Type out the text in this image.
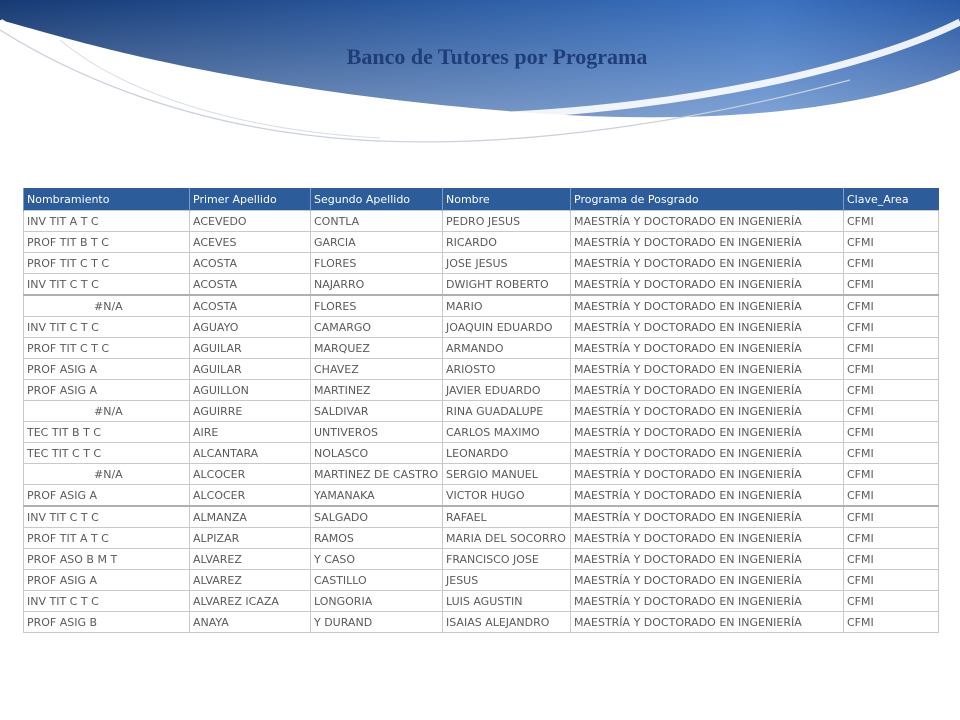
Banco de Tutores por Programa
Nombramiento	Primer Apellido	Segundo Apellido	Nombre	Programa de Posgrado	Clave_Area
INV TIT A T C	ACEVEDO	CONTLA	PEDRO JESUS	MAESTRÍA Y DOCTORADO EN INGENIERÍA	CFMI
PROF TIT B T C	ACEVES	GARCIA	RICARDO	MAESTRÍA Y DOCTORADO EN INGENIERÍA	CFMI
PROF TIT C T C	ACOSTA	FLORES	JOSE JESUS	MAESTRÍA Y DOCTORADO EN INGENIERÍA	CFMI
INV TIT C T C	ACOSTA	NAJARRO	DWIGHT ROBERTO	MAESTRÍA Y DOCTORADO EN INGENIERÍA	CFMI
#N/A	ACOSTA	FLORES	MARIO	MAESTRÍA Y DOCTORADO EN INGENIERÍA	CFMI
INV TIT C T C	AGUAYO	CAMARGO	JOAQUIN EDUARDO	MAESTRÍA Y DOCTORADO EN INGENIERÍA	CFMI
PROF TIT C T C	AGUILAR	MARQUEZ	ARMANDO	MAESTRÍA Y DOCTORADO EN INGENIERÍA	CFMI
PROF ASIG A	AGUILAR	CHAVEZ	ARIOSTO	MAESTRÍA Y DOCTORADO EN INGENIERÍA	CFMI
PROF ASIG A	AGUILLON	MARTINEZ	JAVIER EDUARDO	MAESTRÍA Y DOCTORADO EN INGENIERÍA	CFMI
#N/A	AGUIRRE	SALDIVAR	RINA GUADALUPE	MAESTRÍA Y DOCTORADO EN INGENIERÍA	CFMI
TEC TIT B T C	AIRE	UNTIVEROS	CARLOS MAXIMO	MAESTRÍA Y DOCTORADO EN INGENIERÍA	CFMI
TEC TIT C T C	ALCANTARA	NOLASCO	LEONARDO	MAESTRÍA Y DOCTORADO EN INGENIERÍA	CFMI
#N/A	ALCOCER	MARTINEZ DE CASTRO	SERGIO MANUEL	MAESTRÍA Y DOCTORADO EN INGENIERÍA	CFMI
PROF ASIG A	ALCOCER	YAMANAKA	VICTOR HUGO	MAESTRÍA Y DOCTORADO EN INGENIERÍA	CFMI
INV TIT C T C	ALMANZA	SALGADO	RAFAEL	MAESTRÍA Y DOCTORADO EN INGENIERÍA	CFMI
PROF TIT A T C	ALPIZAR	RAMOS	MARIA DEL SOCORRO	MAESTRÍA Y DOCTORADO EN INGENIERÍA	CFMI
PROF ASO B M T	ALVAREZ	Y CASO	FRANCISCO JOSE	MAESTRÍA Y DOCTORADO EN INGENIERÍA	CFMI
PROF ASIG A	ALVAREZ	CASTILLO	JESUS	MAESTRÍA Y DOCTORADO EN INGENIERÍA	CFMI
INV TIT C T C	ALVAREZ ICAZA	LONGORIA	LUIS AGUSTIN	MAESTRÍA Y DOCTORADO EN INGENIERÍA	CFMI
PROF ASIG B	ANAYA	Y DURAND	ISAIAS ALEJANDRO	MAESTRÍA Y DOCTORADO EN INGENIERÍA	CFMI
